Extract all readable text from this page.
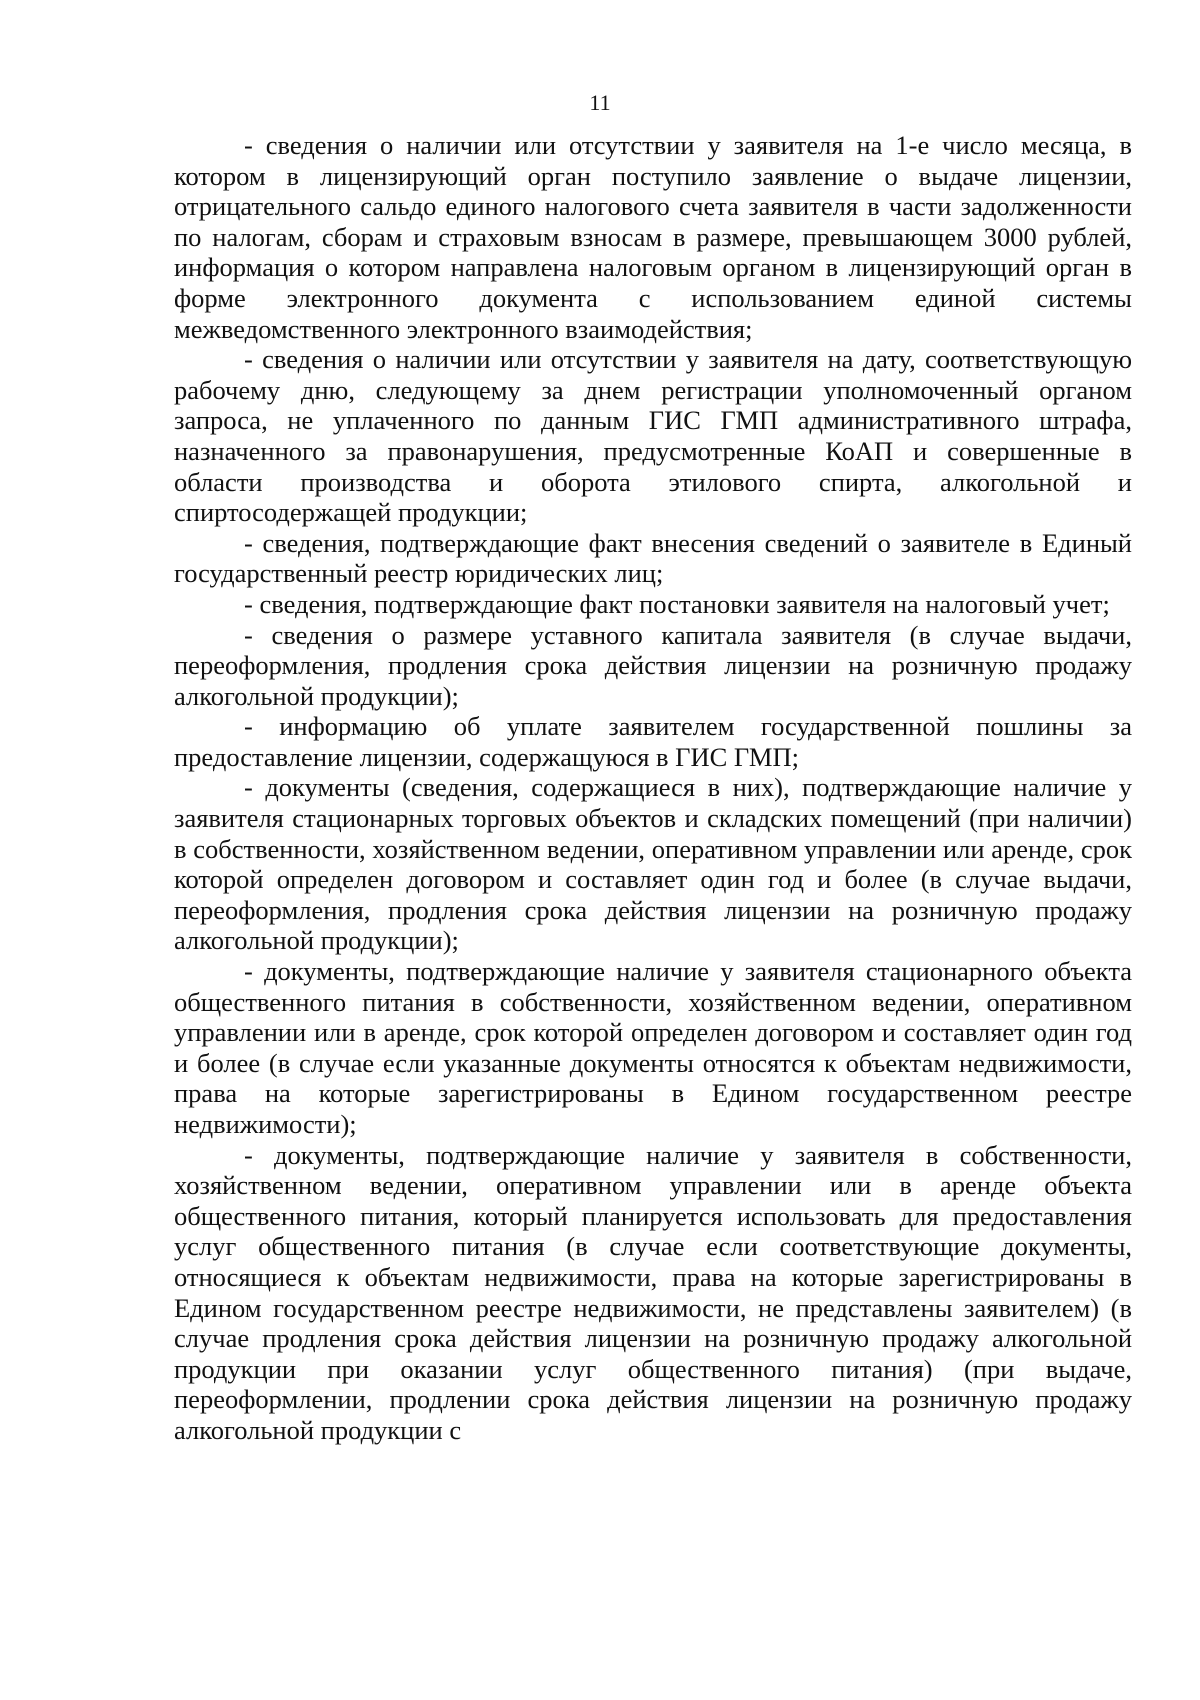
11

- сведения о наличии или отсутствии у заявителя на 1-е число месяца, в котором в лицензирующий орган поступило заявление о выдаче лицензии, отрицательного сальдо единого налогового счета заявителя в части задолженности по налогам, сборам и страховым взносам в размере, превышающем 3000 рублей, информация о котором направлена налоговым органом в лицензирующий орган в форме электронного документа с использованием единой системы межведомственного электронного взаимодействия;

- сведения о наличии или отсутствии у заявителя на дату, соответствующую рабочему дню, следующему за днем регистрации уполномоченный органом запроса, не уплаченного по данным ГИС ГМП административного штрафа, назначенного за правонарушения, предусмотренные КоАП и совершенные в области производства и оборота этилового спирта, алкогольной и спиртосодержащей продукции;

- сведения, подтверждающие факт внесения сведений о заявителе в Единый государственный реестр юридических лиц;

- сведения, подтверждающие факт постановки заявителя на налоговый учет;

- сведения о размере уставного капитала заявителя (в случае выдачи, переоформления, продления срока действия лицензии на розничную продажу алкогольной продукции);

- информацию об уплате заявителем государственной пошлины за предоставление лицензии, содержащуюся в ГИС ГМП;

- документы (сведения, содержащиеся в них), подтверждающие наличие у заявителя стационарных торговых объектов и складских помещений (при наличии) в собственности, хозяйственном ведении, оперативном управлении или аренде, срок которой определен договором и составляет один год и более (в случае выдачи, переоформления, продления срока действия лицензии на розничную продажу алкогольной продукции);

- документы, подтверждающие наличие у заявителя стационарного объекта общественного питания в собственности, хозяйственном ведении, оперативном управлении или в аренде, срок которой определен договором и составляет один год и более (в случае если указанные документы относятся к объектам недвижимости, права на которые зарегистрированы в Едином государственном реестре недвижимости);

- документы, подтверждающие наличие у заявителя в собственности, хозяйственном ведении, оперативном управлении или в аренде объекта общественного питания, который планируется использовать для предоставления услуг общественного питания (в случае если соответствующие документы, относящиеся к объектам недвижимости, права на которые зарегистрированы в Едином государственном реестре недвижимости, не представлены заявителем) (в случае продления срока действия лицензии на розничную продажу алкогольной продукции при оказании услуг общественного питания) (при выдаче, переоформлении, продлении срока действия лицензии на розничную продажу алкогольной продукции с
